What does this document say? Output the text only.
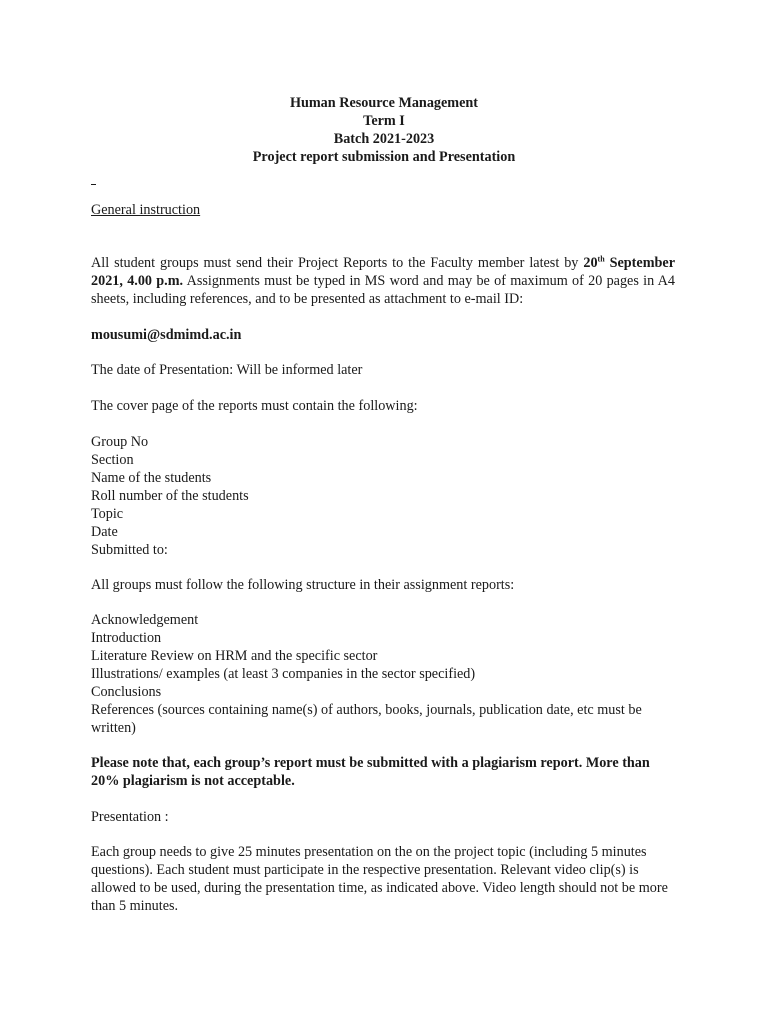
Human Resource Management
Term I
Batch 2021-2023
Project report submission and Presentation
General instruction
All student groups must send their Project Reports to the Faculty member latest by 20th September 2021, 4.00 p.m. Assignments must be typed in MS word and may be of maximum of 20 pages in A4 sheets, including references, and to be presented as attachment to e-mail ID:
mousumi@sdmimd.ac.in
The date of Presentation: Will be informed later
The cover page of the reports must contain the following:
Group No
Section
Name of the students
Roll number of the students
Topic
Date
Submitted to:
All groups must follow the following structure in their assignment reports:
Acknowledgement
Introduction
Literature Review on HRM and the specific sector
Illustrations/ examples (at least 3 companies in the sector specified)
Conclusions
References (sources containing name(s) of authors, books, journals, publication date, etc must be written)
Please note that, each group’s report must be submitted with a plagiarism report. More than 20% plagiarism is not acceptable.
Presentation :
Each group needs to give 25 minutes presentation on the on the project topic (including 5 minutes questions). Each student must participate in the respective presentation. Relevant video clip(s) is allowed to be used, during the presentation time, as indicated above. Video length should not be more than 5 minutes.
